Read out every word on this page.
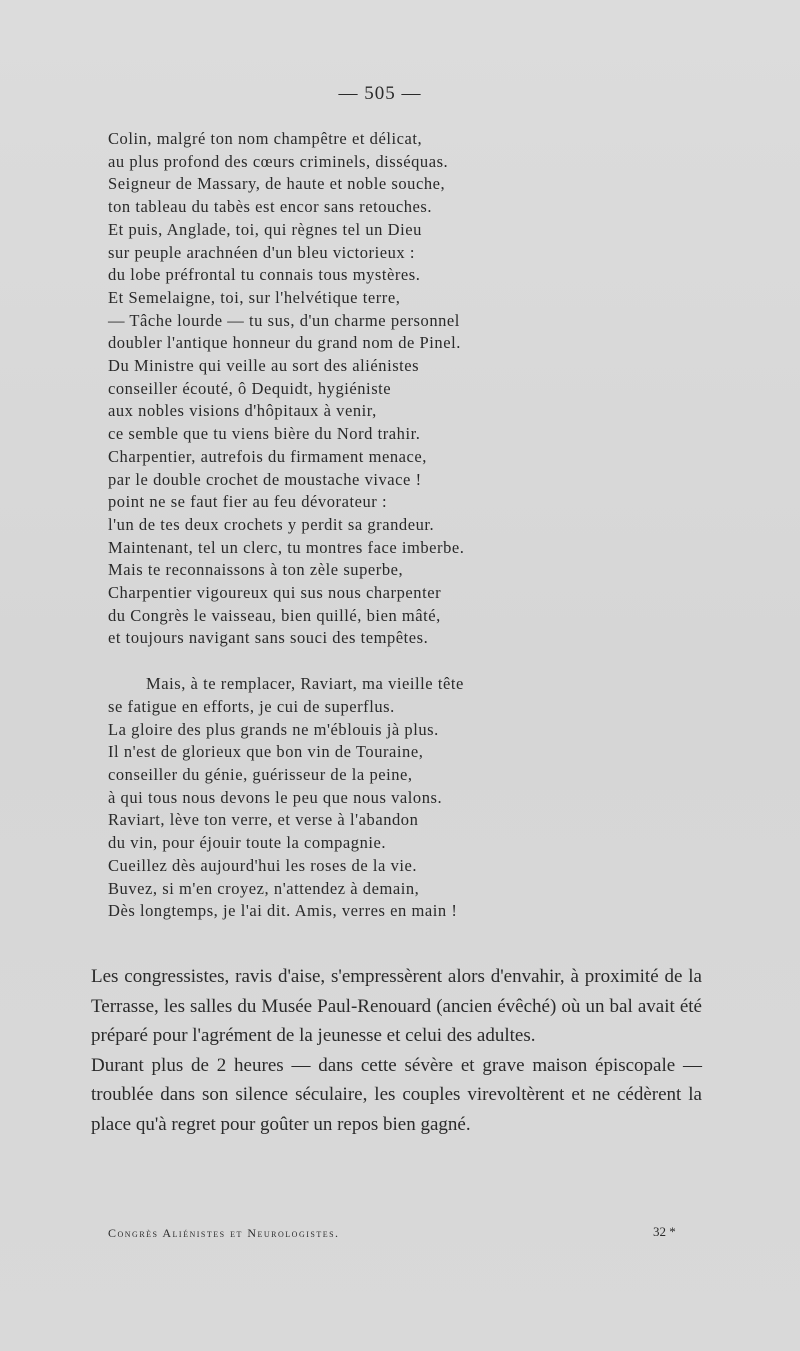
— 505 —
Colin, malgré ton nom champêtre et délicat,
au plus profond des cœurs criminels, disséquas.
Seigneur de Massary, de haute et noble souche,
ton tableau du tabès est encor sans retouches.
Et puis, Anglade, toi, qui règnes tel un Dieu
sur peuple arachnéen d'un bleu victorieux :
du lobe préfrontal tu connais tous mystères.
Et Semelaigne, toi, sur l'helvétique terre,
— Tâche lourde — tu sus, d'un charme personnel
doubler l'antique honneur du grand nom de Pinel.
Du Ministre qui veille au sort des aliénistes
conseiller écouté, ô Dequidt, hygiéniste
aux nobles visions d'hôpitaux à venir,
ce semble que tu viens bière du Nord trahir.
Charpentier, autrefois du firmament menace,
par le double crochet de moustache vivace !
point ne se faut fier au feu dévorateur :
l'un de tes deux crochets y perdit sa grandeur.
Maintenant, tel un clerc, tu montres face imberbe.
Mais te reconnaissons à ton zèle superbe,
Charpentier vigoureux qui sus nous charpenter
du Congrès le vaisseau, bien quillé, bien mâté,
et toujours navigant sans souci des tempêtes.
Mais, à te remplacer, Raviart, ma vieille tête
se fatigue en efforts, je cui de superflus.
La gloire des plus grands ne m'éblouis jà plus.
Il n'est de glorieux que bon vin de Touraine,
conseiller du génie, guérisseur de la peine,
à qui tous nous devons le peu que nous valons.
Raviart, lève ton verre, et verse à l'abandon
du vin, pour éjouir toute la compagnie.
Cueillez dès aujourd'hui les roses de la vie.
Buvez, si m'en croyez, n'attendez à demain,
Dès longtemps, je l'ai dit. Amis, verres en main !

Les congressistes, ravis d'aise, s'empressèrent alors d'envahir, à proximité de la Terrasse, les salles du Musée Paul-Renouard (ancien évêché) où un bal avait été préparé pour l'agrément de la jeunesse et celui des adultes.

Durant plus de 2 heures — dans cette sévère et grave maison épiscopale — troublée dans son silence séculaire, les couples virevoltèrent et ne cédèrent la place qu'à regret pour goûter un repos bien gagné.

Congrès Aliénistes et Neurologistes.	32 *
